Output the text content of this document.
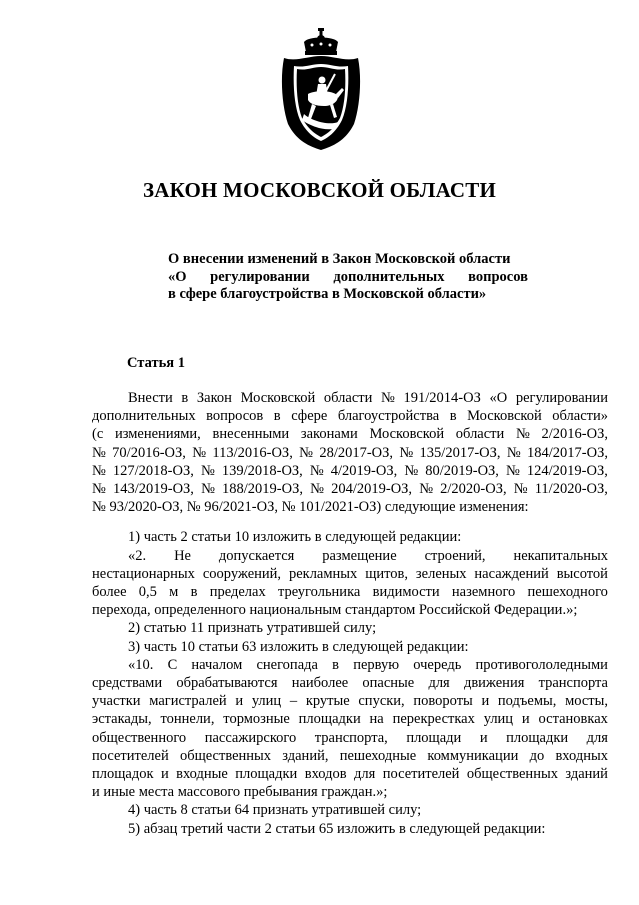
ЗАКОН МОСКОВСКОЙ ОБЛАСТИ
О внесении изменений в Закон Московской области
«О регулировании дополнительных вопросов
в сфере благоустройства в Московской области»
Статья 1
Внести в Закон Московской области № 191/2014-ОЗ «О регулировании
дополнительных вопросов в сфере благоустройства в Московской области»
(с изменениями, внесенными законами Московской области № 2/2016-ОЗ,
№ 70/2016-ОЗ, № 113/2016-ОЗ, № 28/2017-ОЗ, № 135/2017-ОЗ, № 184/2017-ОЗ,
№ 127/2018-ОЗ, № 139/2018-ОЗ, № 4/2019-ОЗ, № 80/2019-ОЗ, № 124/2019-ОЗ,
№ 143/2019-ОЗ, № 188/2019-ОЗ, № 204/2019-ОЗ, № 2/2020-ОЗ, № 11/2020-ОЗ,
№ 93/2020-ОЗ, № 96/2021-ОЗ, № 101/2021-ОЗ) следующие изменения:
1) часть 2 статьи 10 изложить в следующей редакции:
«2. Не допускается размещение строений, некапитальных
нестационарных сооружений, рекламных щитов, зеленых насаждений высотой
более 0,5 м в пределах треугольника видимости наземного пешеходного
перехода, определенного национальным стандартом Российской Федерации.»;
2) статью 11 признать утратившей силу;
3) часть 10 статьи 63 изложить в следующей редакции:
«10. С началом снегопада в первую очередь противогололедными
средствами обрабатываются наиболее опасные для движения транспорта
участки магистралей и улиц – крутые спуски, повороты и подъемы, мосты,
эстакады, тоннели, тормозные площадки на перекрестках улиц и остановках
общественного пассажирского транспорта, площади и площадки для
посетителей общественных зданий, пешеходные коммуникации до входных
площадок и входные площадки входов для посетителей общественных зданий
и иные места массового пребывания граждан.»;
4) часть 8 статьи 64 признать утратившей силу;
5) абзац третий части 2 статьи 65 изложить в следующей редакции:
